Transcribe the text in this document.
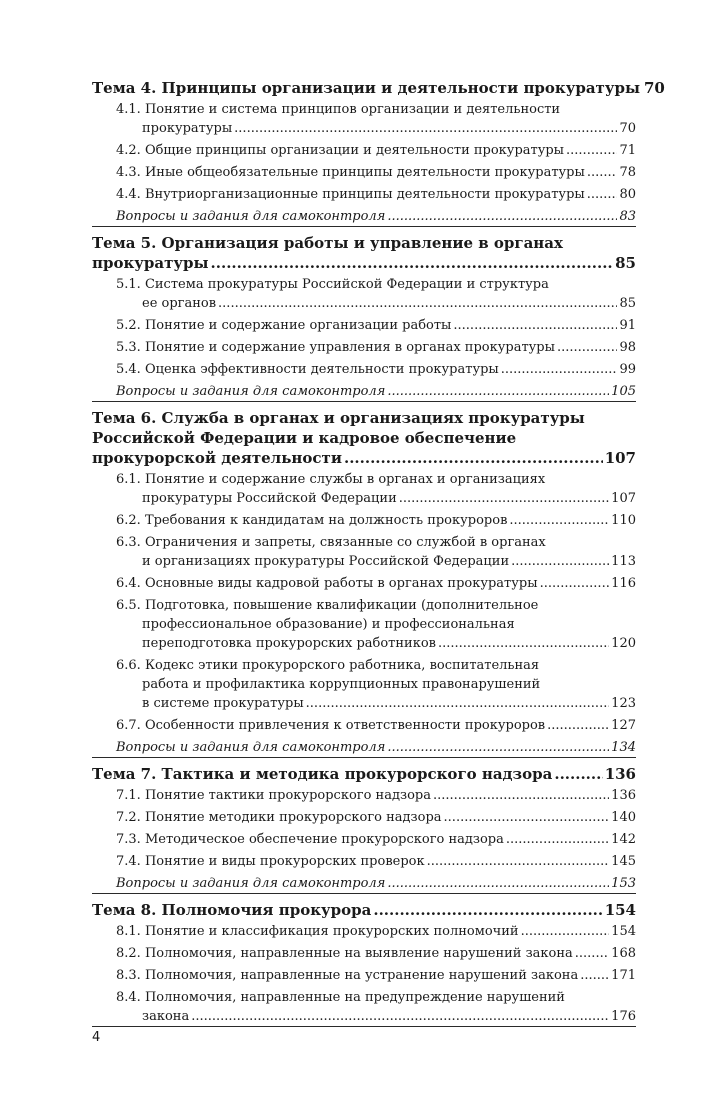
Тема 4. Принципы организации и деятельности прокуратуры 70
4.1. Понятие и система принципов организации и деятельности
прокуратуры .....	70
4.2. Общие принципы организации и деятельности прокуратуры .....	71
4.3. Иные общеобязательные принципы деятельности прокуратуры .....	78
4.4. Внутриорганизационные принципы деятельности прокуратуры .....	80
Вопросы и задания для самоконтроля .....	83
Тема 5. Организация работы и управление в органах
прокуратуры .....	85
5.1. Система прокуратуры Российской Федерации и структура
ее органов .....	85
5.2. Понятие и содержание организации работы .....	91
5.3. Понятие и содержание управления в органах прокуратуры .....	98
5.4. Оценка эффективности деятельности прокуратуры .....	99
Вопросы и задания для самоконтроля .....	105
Тема 6. Служба в органах и организациях прокуратуры
Российской Федерации и кадровое обеспечение
прокурорской деятельности .....	107
6.1. Понятие и содержание службы в органах и организациях
прокуратуры Российской Федерации .....	107
6.2. Требования к кандидатам на должность прокуроров .....	110
6.3. Ограничения и запреты, связанные со службой в органах
и организациях прокуратуры Российской Федерации .....	113
6.4. Основные виды кадровой работы в органах прокуратуры .....	116
6.5. Подготовка, повышение квалификации (дополнительное
профессиональное образование) и профессиональная
переподготовка прокурорских работников .....	120
6.6. Кодекс этики прокурорского работника, воспитательная
работа и профилактика коррупционных правонарушений
в системе прокуратуры .....	123
6.7. Особенности привлечения к ответственности прокуроров .....	127
Вопросы и задания для самоконтроля .....	134
Тема 7. Тактика и методика прокурорского надзора .....	136
7.1. Понятие тактики прокурорского надзора .....	136
7.2. Понятие методики прокурорского надзора .....	140
7.3. Методическое обеспечение прокурорского надзора .....	142
7.4. Понятие и виды прокурорских проверок .....	145
Вопросы и задания для самоконтроля .....	153
Тема 8. Полномочия прокурора .....	154
8.1. Понятие и классификация прокурорских полномочий .....	154
8.2. Полномочия, направленные на выявление нарушений закона .....	168
8.3. Полномочия, направленные на устранение нарушений закона .....	171
8.4. Полномочия, направленные на предупреждение нарушений
закона .....	176
4
